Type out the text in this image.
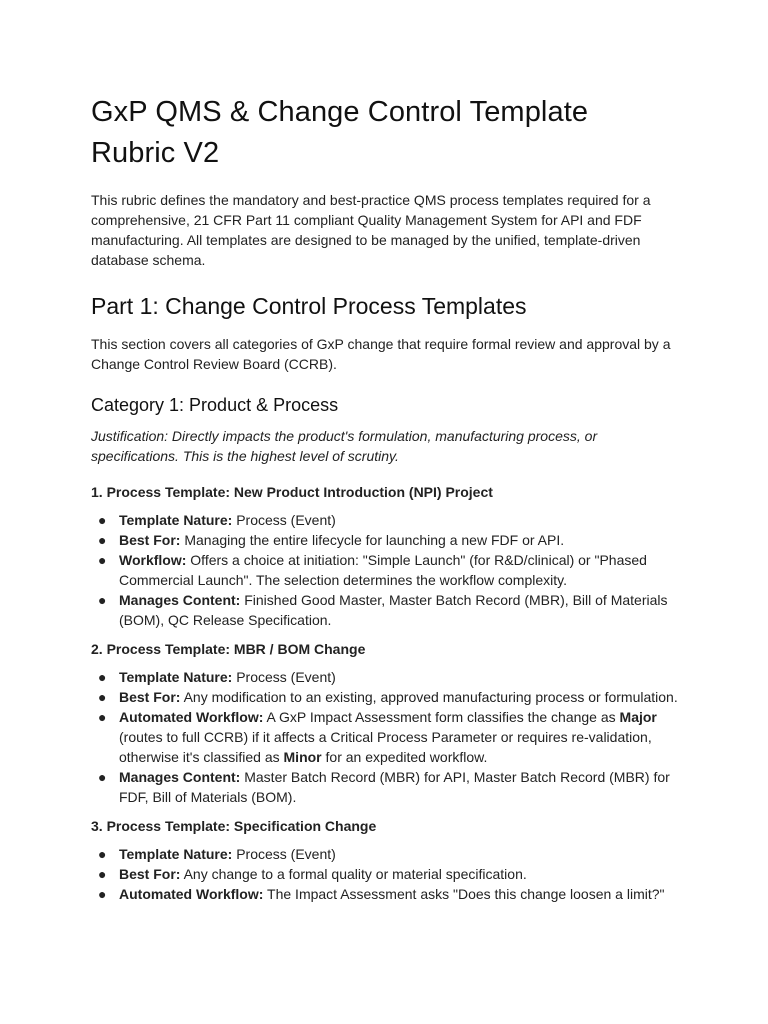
GxP QMS & Change Control Template Rubric V2

This rubric defines the mandatory and best-practice QMS process templates required for a comprehensive, 21 CFR Part 11 compliant Quality Management System for API and FDF manufacturing. All templates are designed to be managed by the unified, template-driven database schema.

Part 1: Change Control Process Templates

This section covers all categories of GxP change that require formal review and approval by a Change Control Review Board (CCRB).

Category 1: Product & Process

Justification: Directly impacts the product's formulation, manufacturing process, or specifications. This is the highest level of scrutiny.

1. Process Template: New Product Introduction (NPI) Project
● Template Nature: Process (Event)
● Best For: Managing the entire lifecycle for launching a new FDF or API.
● Workflow: Offers a choice at initiation: "Simple Launch" (for R&D/clinical) or "Phased Commercial Launch". The selection determines the workflow complexity.
● Manages Content: Finished Good Master, Master Batch Record (MBR), Bill of Materials (BOM), QC Release Specification.
2. Process Template: MBR / BOM Change
● Template Nature: Process (Event)
● Best For: Any modification to an existing, approved manufacturing process or formulation.
● Automated Workflow: A GxP Impact Assessment form classifies the change as Major (routes to full CCRB) if it affects a Critical Process Parameter or requires re-validation, otherwise it's classified as Minor for an expedited workflow.
● Manages Content: Master Batch Record (MBR) for API, Master Batch Record (MBR) for FDF, Bill of Materials (BOM).
3. Process Template: Specification Change
● Template Nature: Process (Event)
● Best For: Any change to a formal quality or material specification.
● Automated Workflow: The Impact Assessment asks "Does this change loosen a limit?"
